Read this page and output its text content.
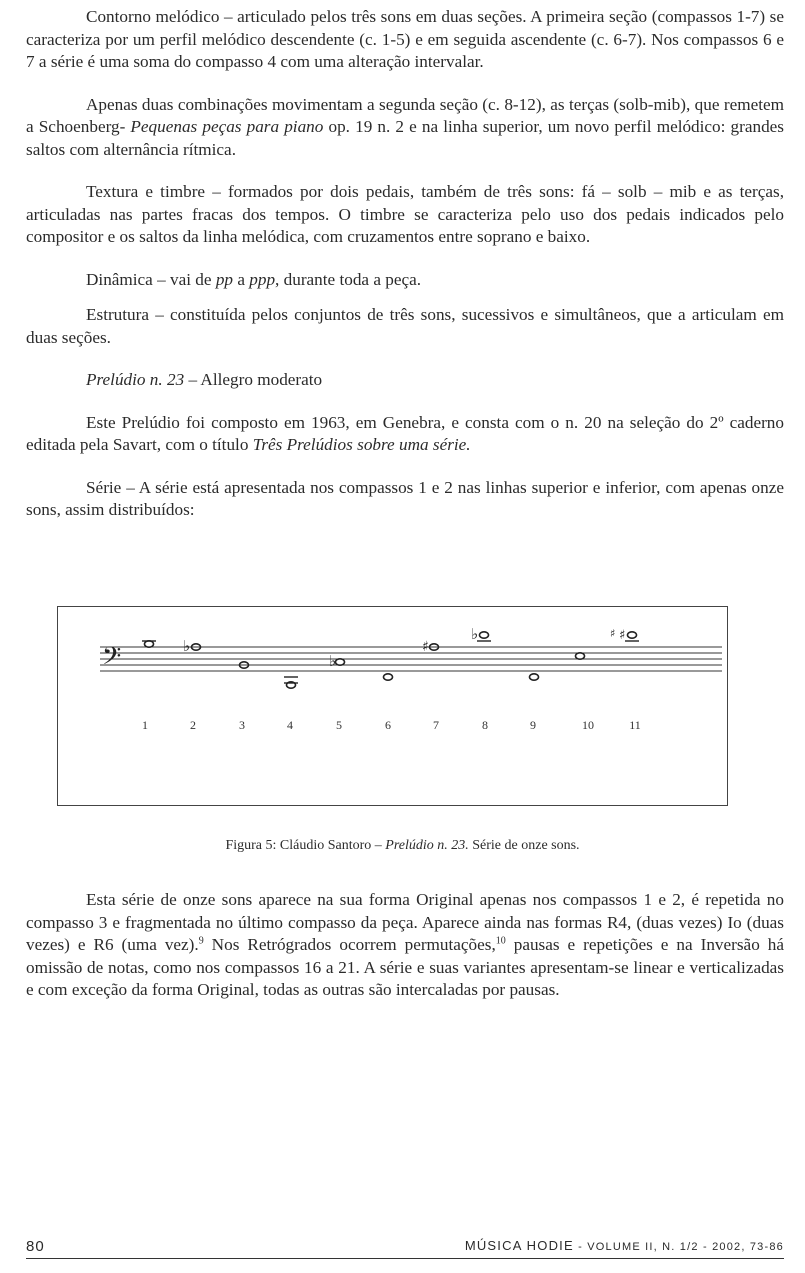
Contorno melódico – articulado pelos três sons em duas seções. A primeira seção (compassos 1-7) se caracteriza por um perfil melódico descendente (c. 1-5) e em seguida ascendente (c. 6-7). Nos compassos 6 e 7 a série é uma soma do compasso 4 com uma alteração intervalar.

Apenas duas combinações movimentam a segunda seção (c. 8-12), as terças (solb-mib), que remetem a Schoenberg- Pequenas peças para piano op. 19 n. 2 e na linha superior, um novo perfil melódico: grandes saltos com alternância rítmica.

Textura e timbre – formados por dois pedais, também de três sons: fá – solb – mib e as terças, articuladas nas partes fracas dos tempos. O timbre se caracteriza pelo uso dos pedais indicados pelo compositor e os saltos da linha melódica, com cruzamentos entre soprano e baixo.

Dinâmica – vai de pp a ppp, durante toda a peça.

Estrutura – constituída pelos conjuntos de três sons, sucessivos e simultâneos, que a articulam em duas seções.

Prelúdio n. 23 – Allegro moderato

Este Prelúdio foi composto em 1963, em Genebra, e consta com o n. 20 na seleção do 2º caderno editada pela Savart, com o título Três Prelúdios sobre uma série.

Série – A série está apresentada nos compassos 1 e 2 nas linhas superior e inferior, com apenas onze sons, assim distribuídos:

𝄢	♭
♭
♯
♭	♯
♯
1	2	3	4	5	6	7	8	9	10	11
Figura 5: Cláudio Santoro – Prelúdio n. 23. Série de onze sons.

Esta série de onze sons aparece na sua forma Original apenas nos compassos 1 e 2, é repetida no compasso 3 e fragmentada no último compasso da peça. Aparece ainda nas formas R4, (duas vezes) Io (duas vezes) e R6 (uma vez).$^9$ Nos Retrógrados ocorrem permutações,$^{10}$ pausas e repetições e na Inversão há omissão de notas, como nos compassos 16 a 21. A série e suas variantes apresentam-se linear e verticalizadas e com exceção da forma Original, todas as outras são intercaladas por pausas.

80	MÚSICA HODIE - VOLUME II, N. 1/2 - 2002, 73-86
